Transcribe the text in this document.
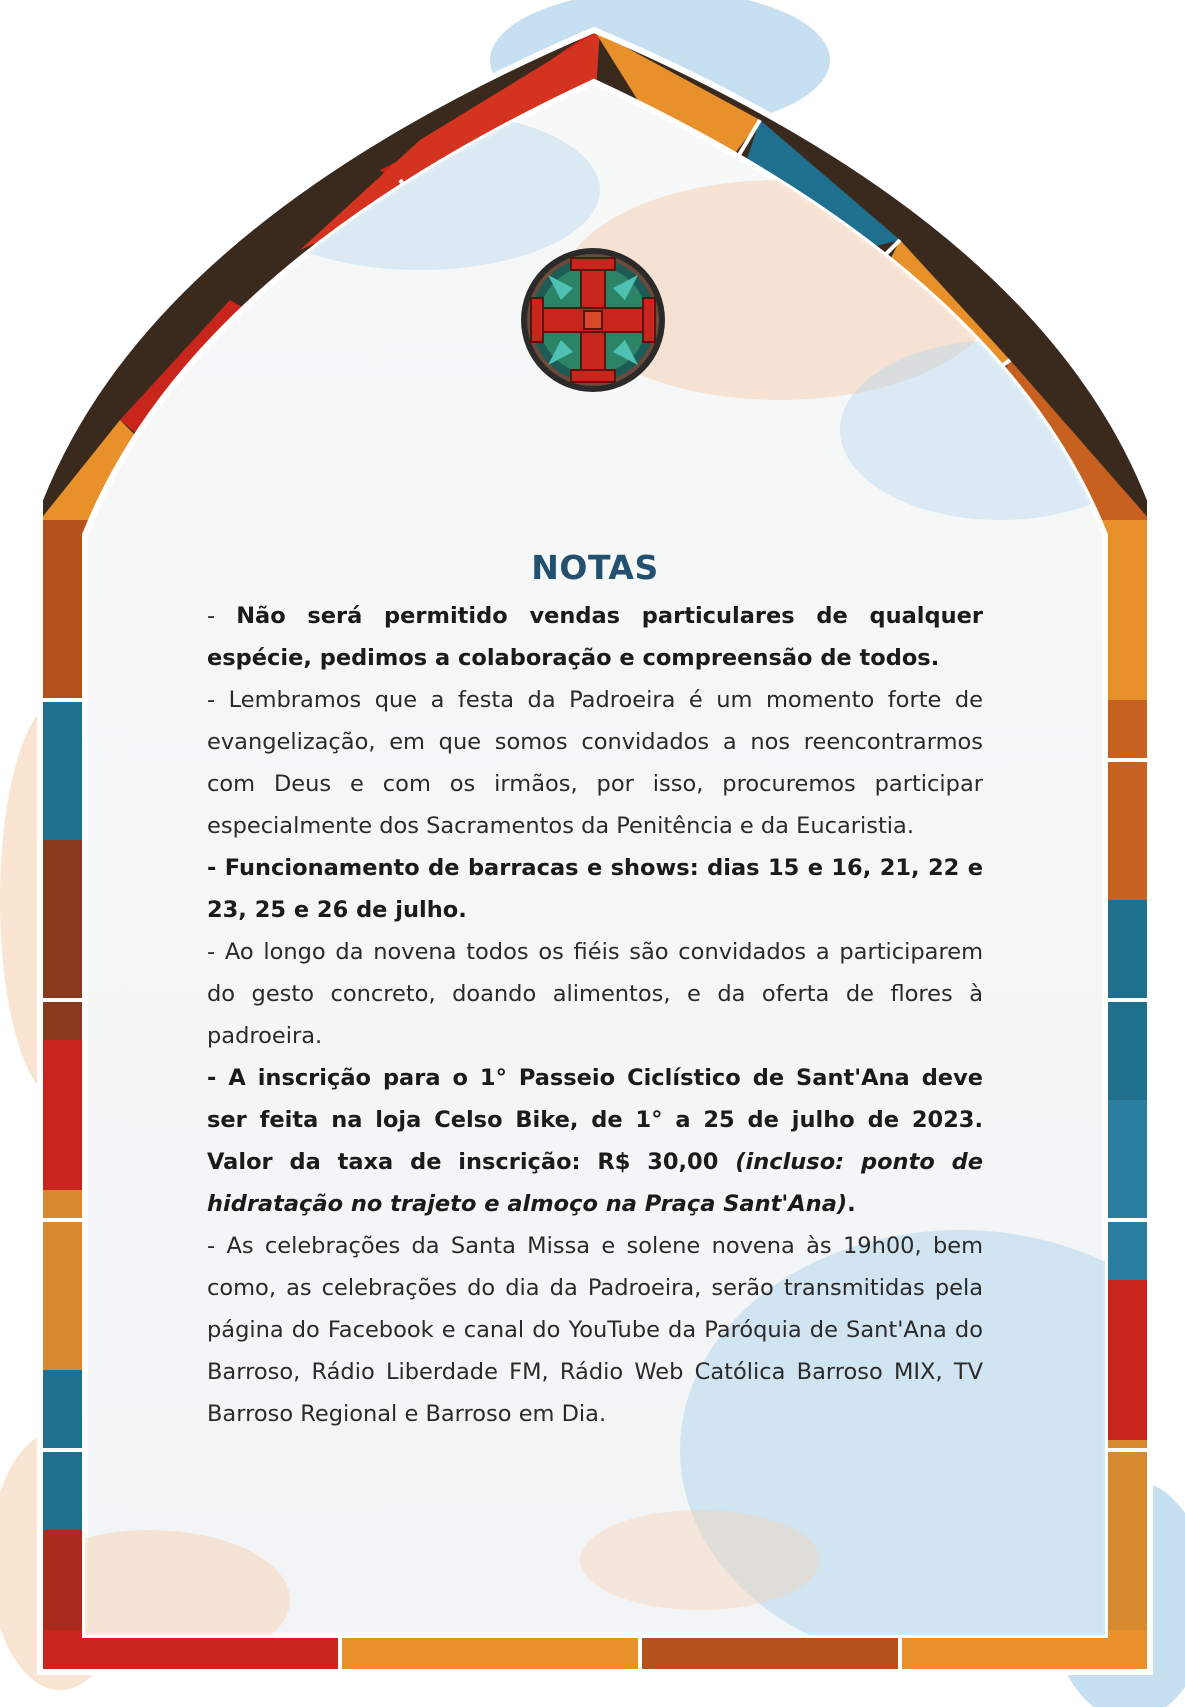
NOTAS

- Não será permitido vendas particulares de qualquer espécie, pedimos a colaboração e compreensão de todos.

- Lembramos que a festa da Padroeira é um momento forte de evangelização, em que somos convidados a nos reencontrarmos com Deus e com os irmãos, por isso, procuremos participar especialmente dos Sacramentos da Penitência e da Eucaristia.

- Funcionamento de barracas e shows: dias 15 e 16, 21, 22 e 23, 25 e 26 de julho.

- Ao longo da novena todos os fiéis são convidados a participarem do gesto concreto, doando alimentos, e da oferta de flores à padroeira.

- A inscrição para o 1° Passeio Ciclístico de Sant'Ana deve ser feita na loja Celso Bike, de 1° a 25 de julho de 2023. Valor da taxa de inscrição: R$ 30,00 (incluso: ponto de hidratação no trajeto e almoço na Praça Sant'Ana).

- As celebrações da Santa Missa e solene novena às 19h00, bem como, as celebrações do dia da Padroeira, serão transmitidas pela página do Facebook e canal do YouTube da Paróquia de Sant'Ana do Barroso, Rádio Liberdade FM, Rádio Web Católica Barroso MIX, TV Barroso Regional e Barroso em Dia.
